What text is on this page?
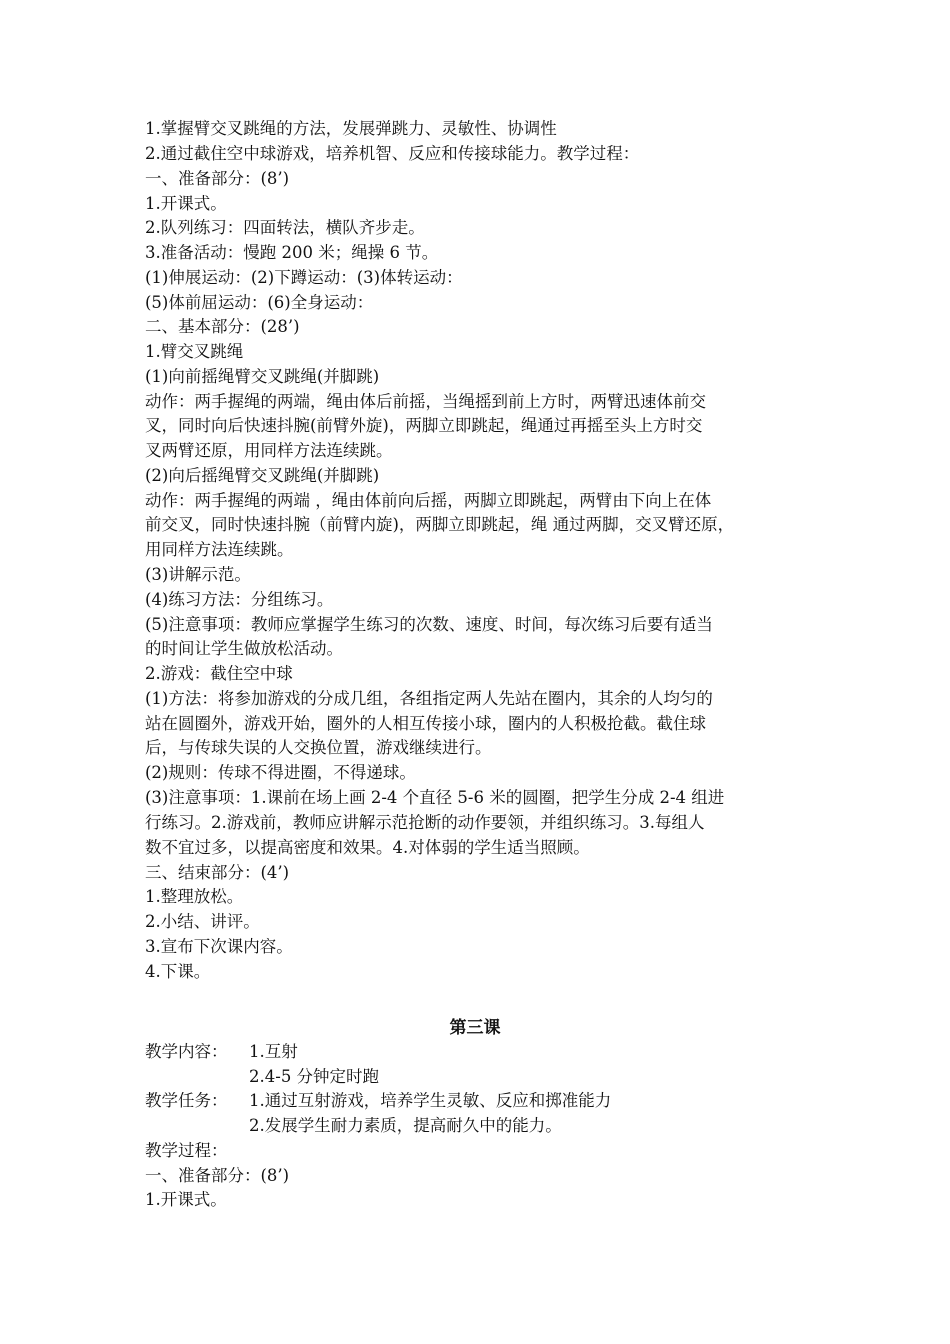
1.掌握臂交叉跳绳的方法，发展弹跳力、灵敏性、协调性
2.通过截住空中球游戏，培养机智、反应和传接球能力。教学过程：
一、准备部分：(8’)
1.开课式。
2.队列练习：四面转法，横队齐步走。
3.准备活动：慢跑 200 米；绳操 6 节。
(1)伸展运动：(2)下蹲运动：(3)体转运动：
(5)体前屈运动：(6)全身运动：
二、基本部分：(28’)
1.臂交叉跳绳
(1)向前摇绳臂交叉跳绳(并脚跳)
动作：两手握绳的两端，绳由体后前摇，当绳摇到前上方时，两臂迅速体前交
叉，同时向后快速抖腕(前臂外旋)，两脚立即跳起，绳通过再摇至头上方时交
叉两臂还原，用同样方法连续跳。
(2)向后摇绳臂交叉跳绳(并脚跳)
动作：两手握绳的两端 ，绳由体前向后摇，两脚立即跳起，两臂由下向上在体
前交叉，同时快速抖腕（前臂内旋)，两脚立即跳起，绳 通过两脚，交叉臂还原，
用同样方法连续跳。
(3)讲解示范。
(4)练习方法：分组练习。
(5)注意事项：教师应掌握学生练习的次数、速度、时间，每次练习后要有适当
的时间让学生做放松活动。
2.游戏：截住空中球
(1)方法：将参加游戏的分成几组，各组指定两人先站在圈内，其余的人均匀的
站在圆圈外，游戏开始，圈外的人相互传接小球，圈内的人积极抢截。截住球
后，与传球失误的人交换位置，游戏继续进行。
(2)规则：传球不得进圈，不得递球。
(3)注意事项：1.课前在场上画 2-4 个直径 5-6 米的圆圈，把学生分成 2-4 组进
行练习。2.游戏前，教师应讲解示范抢断的动作要领，并组织练习。3.每组人
数不宜过多，以提高密度和效果。4.对体弱的学生适当照顾。
三、结束部分：(4’)
1.整理放松。
2.小结、讲评。
3.宣布下次课内容。
4.下课。
第三课
教学内容： 1.互射
2.4-5 分钟定时跑
教学任务： 1.通过互射游戏，培养学生灵敏、反应和掷准能力
2.发展学生耐力素质，提高耐久中的能力。
教学过程：
一、准备部分：(8’)
1.开课式。
